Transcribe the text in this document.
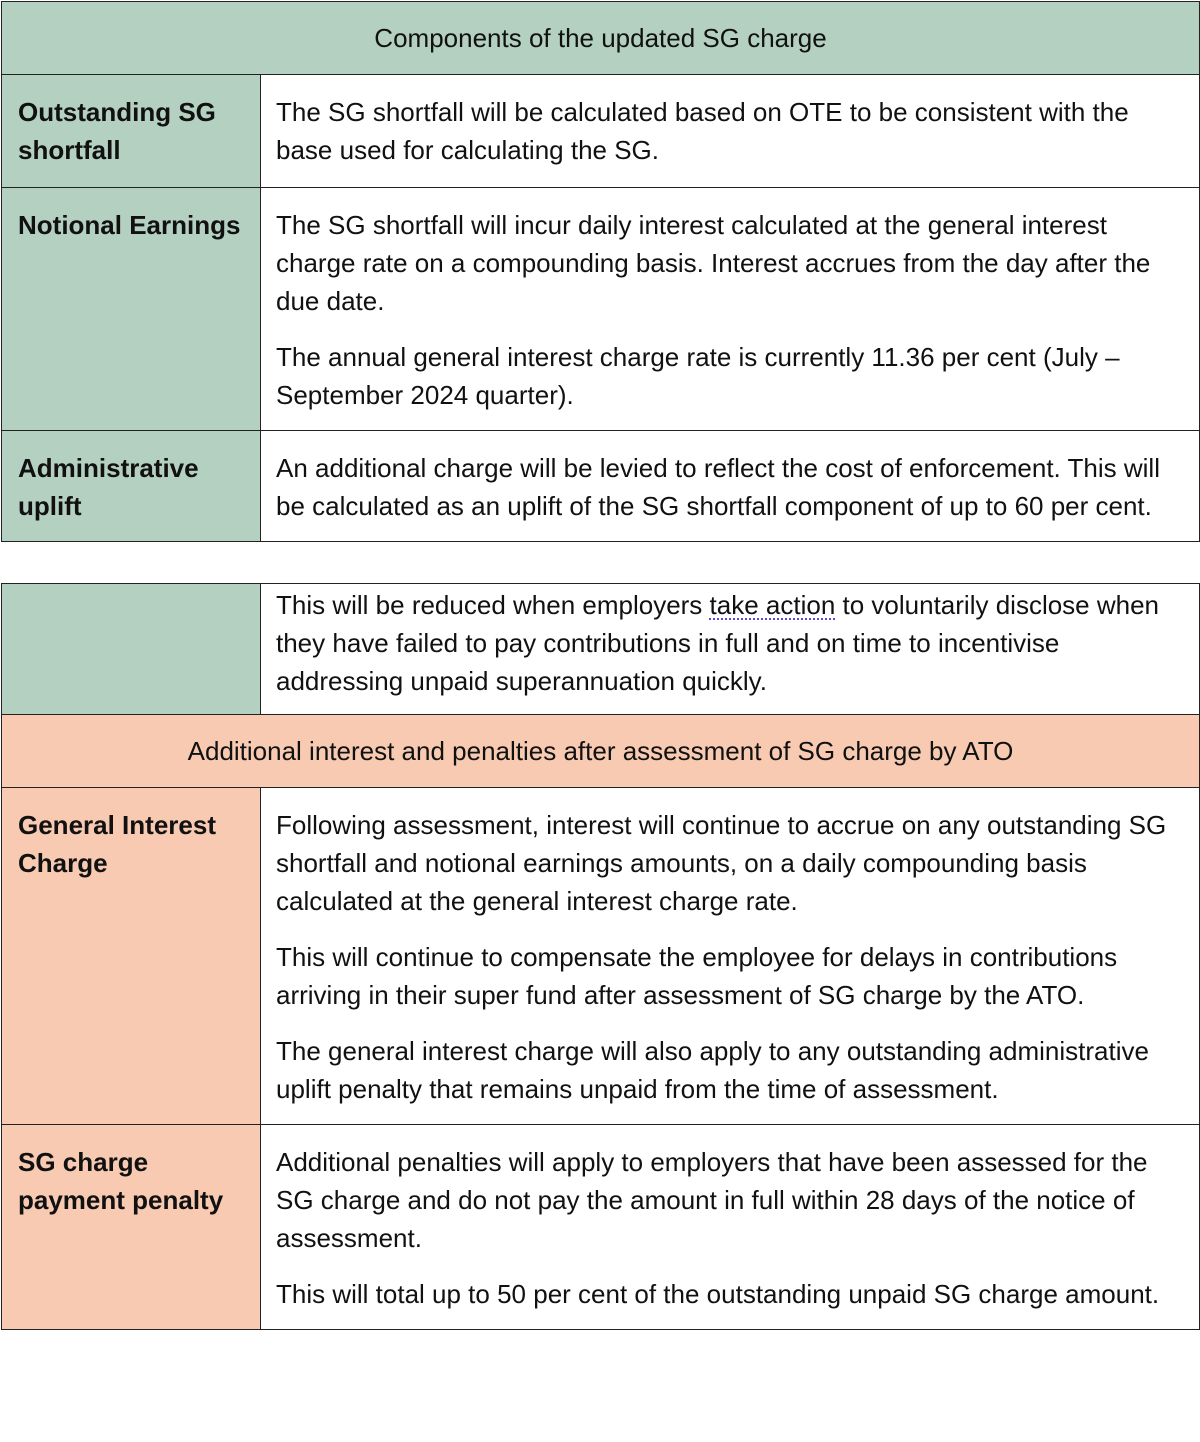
Components of the updated SG charge	
Outstanding SG shortfall	The SG shortfall will be calculated based on OTE to be consistent with the base used for calculating the SG.

Notional Earnings	The SG shortfall will incur daily interest calculated at the general interest charge rate on a compounding basis. Interest accrues from the day after the due date.

The annual general interest charge rate is currently 11.36 per cent (July – September 2024 quarter).

Administrative uplift	An additional charge will be levied to reflect the cost of enforcement. This will be calculated as an uplift of the SG shortfall component of up to 60 per cent.

	This will be reduced when employers take action to voluntarily disclose when they have failed to pay contributions in full and on time to incentivise addressing unpaid superannuation quickly.

Additional interest and penalties after assessment of SG charge by ATO	
General Interest Charge	Following assessment, interest will continue to accrue on any outstanding SG shortfall and notional earnings amounts, on a daily compounding basis calculated at the general interest charge rate.

This will continue to compensate the employee for delays in contributions arriving in their super fund after assessment of SG charge by the ATO.

The general interest charge will also apply to any outstanding administrative uplift penalty that remains unpaid from the time of assessment.

SG charge payment penalty	Additional penalties will apply to employers that have been assessed for the SG charge and do not pay the amount in full within 28 days of the notice of assessment.

This will total up to 50 per cent of the outstanding unpaid SG charge amount.
